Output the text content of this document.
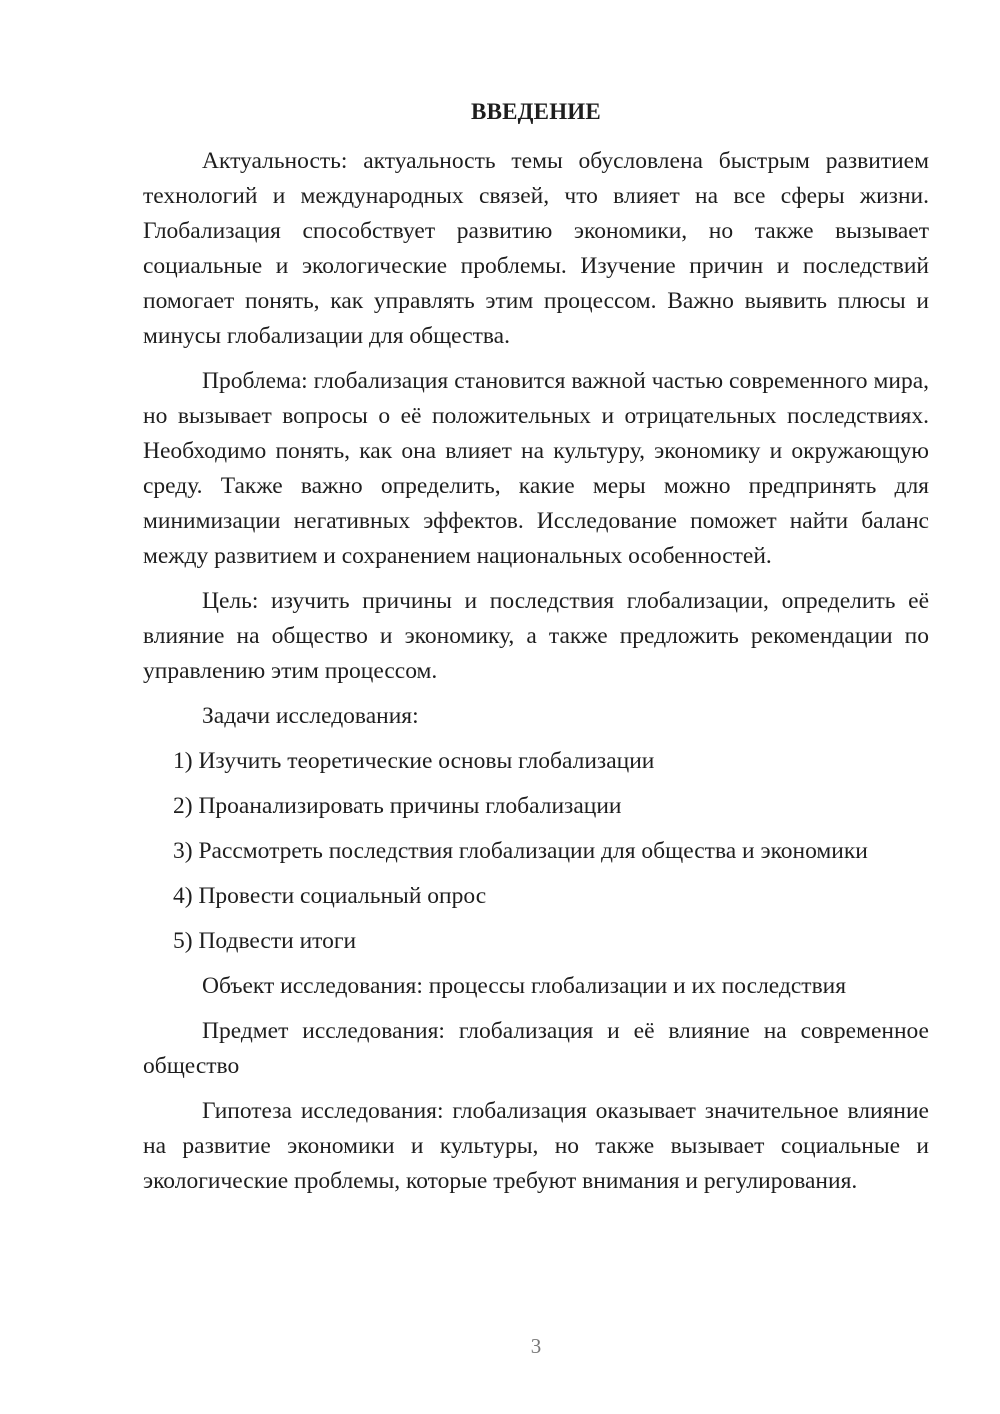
ВВЕДЕНИЕ

Актуальность: актуальность темы обусловлена быстрым развитием технологий и международных связей, что влияет на все сферы жизни. Глобализация способствует развитию экономики, но также вызывает социальные и экологические проблемы. Изучение причин и последствий помогает понять, как управлять этим процессом. Важно выявить плюсы и минусы глобализации для общества.

Проблема: глобализация становится важной частью современного мира, но вызывает вопросы о её положительных и отрицательных последствиях. Необходимо понять, как она влияет на культуру, экономику и окружающую среду. Также важно определить, какие меры можно предпринять для минимизации негативных эффектов. Исследование поможет найти баланс между развитием и сохранением национальных особенностей.

Цель: изучить причины и последствия глобализации, определить её влияние на общество и экономику, а также предложить рекомендации по управлению этим процессом.

Задачи исследования:

1) Изучить теоретические основы глобализации
2) Проанализировать причины глобализации
3) Рассмотреть последствия глобализации для общества и экономики
4) Провести социальный опрос
5) Подвести итоги

Объект исследования: процессы глобализации и их последствия

Предмет исследования: глобализация и её влияние на современное общество

Гипотеза исследования: глобализация оказывает значительное влияние на развитие экономики и культуры, но также вызывает социальные и экологические проблемы, которые требуют внимания и регулирования.

3
